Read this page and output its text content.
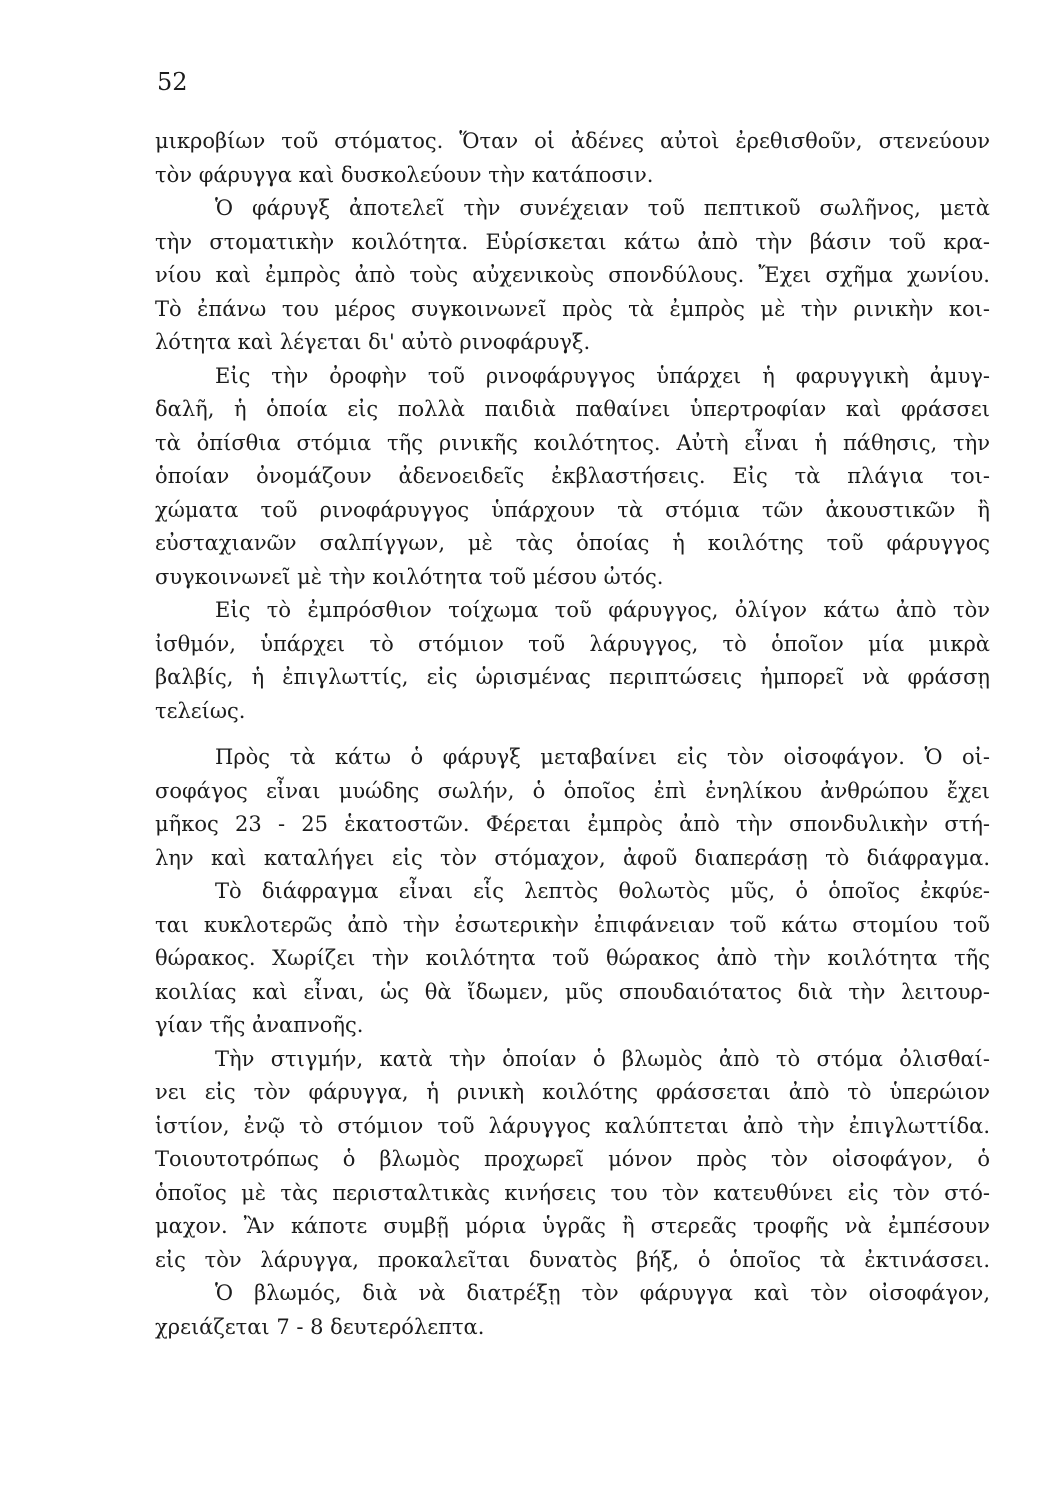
52
μικροβίων τοῦ στόματος. Ὅταν οἱ ἀδένες αὐτοὶ ἐρεθισθοῦν, στενεύουν
τὸν φάρυγγα καὶ δυσκολεύουν τὴν κατάποσιν.
Ὁ φάρυγξ ἀποτελεῖ τὴν συνέχειαν τοῦ πεπτικοῦ σωλῆνος, μετὰ
τὴν στοματικὴν κοιλότητα. Εὑρίσκεται κάτω ἀπὸ τὴν βάσιν τοῦ κρα-
νίου καὶ ἐμπρὸς ἀπὸ τοὺς αὐχενικοὺς σπονδύλους. Ἔχει σχῆμα χωνίου.
Τὸ ἐπάνω του μέρος συγκοινωνεῖ πρὸς τὰ ἐμπρὸς μὲ τὴν ρινικὴν κοι-
λότητα καὶ λέγεται δι' αὐτὸ ρινοφάρυγξ.
Εἰς τὴν ὀροφὴν τοῦ ρινοφάρυγγος ὑπάρχει ἡ φαρυγγικὴ ἀμυγ-
δαλῆ, ἡ ὁποία εἰς πολλὰ παιδιὰ παθαίνει ὑπερτροφίαν καὶ φράσσει
τὰ ὀπίσθια στόμια τῆς ρινικῆς κοιλότητος. Αὐτὴ εἶναι ἡ πάθησις, τὴν
ὁποίαν ὀνομάζουν ἀδενοειδεῖς ἐκβλαστήσεις. Εἰς τὰ πλάγια τοι-
χώματα τοῦ ρινοφάρυγγος ὑπάρχουν τὰ στόμια τῶν ἀκουστικῶν ἢ
εὐσταχιανῶν σαλπίγγων, μὲ τὰς ὁποίας ἡ κοιλότης τοῦ φάρυγγος
συγκοινωνεῖ μὲ τὴν κοιλότητα τοῦ μέσου ὠτός.
Εἰς τὸ ἐμπρόσθιον τοίχωμα τοῦ φάρυγγος, ὀλίγον κάτω ἀπὸ τὸν
ἰσθμόν, ὑπάρχει τὸ στόμιον τοῦ λάρυγγος, τὸ ὁποῖον μία μικρὰ
βαλβίς, ἡ ἐπιγλωττίς, εἰς ὡρισμένας περιπτώσεις ἠμπορεῖ νὰ φράσσῃ
τελείως.
Πρὸς τὰ κάτω ὁ φάρυγξ μεταβαίνει εἰς τὸν οἰσοφάγον. Ὁ οἰ-
σοφάγος εἶναι μυώδης σωλήν, ὁ ὁποῖος ἐπὶ ἐνηλίκου ἀνθρώπου ἔχει
μῆκος 23 - 25 ἑκατοστῶν. Φέρεται ἐμπρὸς ἀπὸ τὴν σπονδυλικὴν στή-
λην καὶ καταλήγει εἰς τὸν στόμαχον, ἀφοῦ διαπεράσῃ τὸ διάφραγμα.
Τὸ διάφραγμα εἶναι εἷς λεπτὸς θολωτὸς μῦς, ὁ ὁποῖος ἐκφύε-
ται κυκλοτερῶς ἀπὸ τὴν ἐσωτερικὴν ἐπιφάνειαν τοῦ κάτω στομίου τοῦ
θώρακος. Χωρίζει τὴν κοιλότητα τοῦ θώρακος ἀπὸ τὴν κοιλότητα τῆς
κοιλίας καὶ εἶναι, ὡς θὰ ἴδωμεν, μῦς σπουδαιότατος διὰ τὴν λειτουρ-
γίαν τῆς ἀναπνοῆς.
Τὴν στιγμήν, κατὰ τὴν ὁποίαν ὁ βλωμὸς ἀπὸ τὸ στόμα ὀλισθαί-
νει εἰς τὸν φάρυγγα, ἡ ρινικὴ κοιλότης φράσσεται ἀπὸ τὸ ὑπερώιον
ἱστίον, ἐνῷ τὸ στόμιον τοῦ λάρυγγος καλύπτεται ἀπὸ τὴν ἐπιγλωττίδα.
Τοιουτοτρόπως ὁ βλωμὸς προχωρεῖ μόνον πρὸς τὸν οἰσοφάγον, ὁ
ὁποῖος μὲ τὰς περισταλτικὰς κινήσεις του τὸν κατευθύνει εἰς τὸν στό-
μαχον. Ἂν κάποτε συμβῇ μόρια ὑγρᾶς ἢ στερεᾶς τροφῆς νὰ ἐμπέσουν
εἰς τὸν λάρυγγα, προκαλεῖται δυνατὸς βήξ, ὁ ὁποῖος τὰ ἐκτινάσσει.
Ὁ βλωμός, διὰ νὰ διατρέξῃ τὸν φάρυγγα καὶ τὸν οἰσοφάγον,
χρειάζεται 7 - 8 δευτερόλεπτα.
